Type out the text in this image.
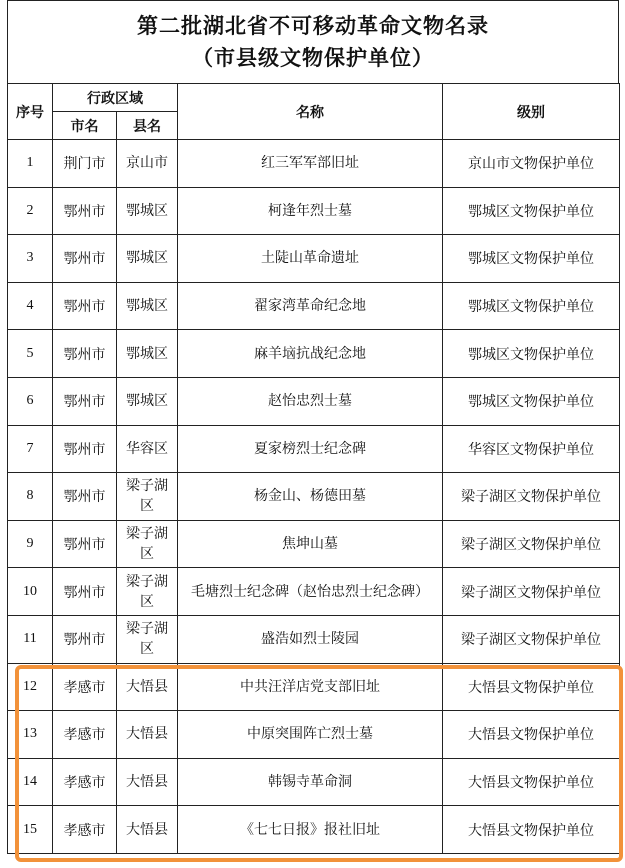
第二批湖北省不可移动革命文物名录
（市县级文物保护单位）
序号	行政区域		名称	级别
	市名	县名		
1	荆门市	京山市	红三军军部旧址	京山市文物保护单位
2	鄂州市	鄂城区	柯逢年烈士墓	鄂城区文物保护单位
3	鄂州市	鄂城区	土陡山革命遗址	鄂城区文物保护单位
4	鄂州市	鄂城区	翟家湾革命纪念地	鄂城区文物保护单位
5	鄂州市	鄂城区	麻羊垴抗战纪念地	鄂城区文物保护单位
6	鄂州市	鄂城区	赵怡忠烈士墓	鄂城区文物保护单位
7	鄂州市	华容区	夏家榜烈士纪念碑	华容区文物保护单位
8	鄂州市	梁子湖区	杨金山、杨德田墓	梁子湖区文物保护单位
9	鄂州市	梁子湖区	焦坤山墓	梁子湖区文物保护单位
10	鄂州市	梁子湖区	毛塘烈士纪念碑（赵怡忠烈士纪念碑）	梁子湖区文物保护单位
11	鄂州市	梁子湖区	盛浩如烈士陵园	梁子湖区文物保护单位
12	孝感市	大悟县	中共汪洋店党支部旧址	大悟县文物保护单位
13	孝感市	大悟县	中原突围阵亡烈士墓	大悟县文物保护单位
14	孝感市	大悟县	韩锡寺革命洞	大悟县文物保护单位
15	孝感市	大悟县	《七七日报》报社旧址	大悟县文物保护单位
